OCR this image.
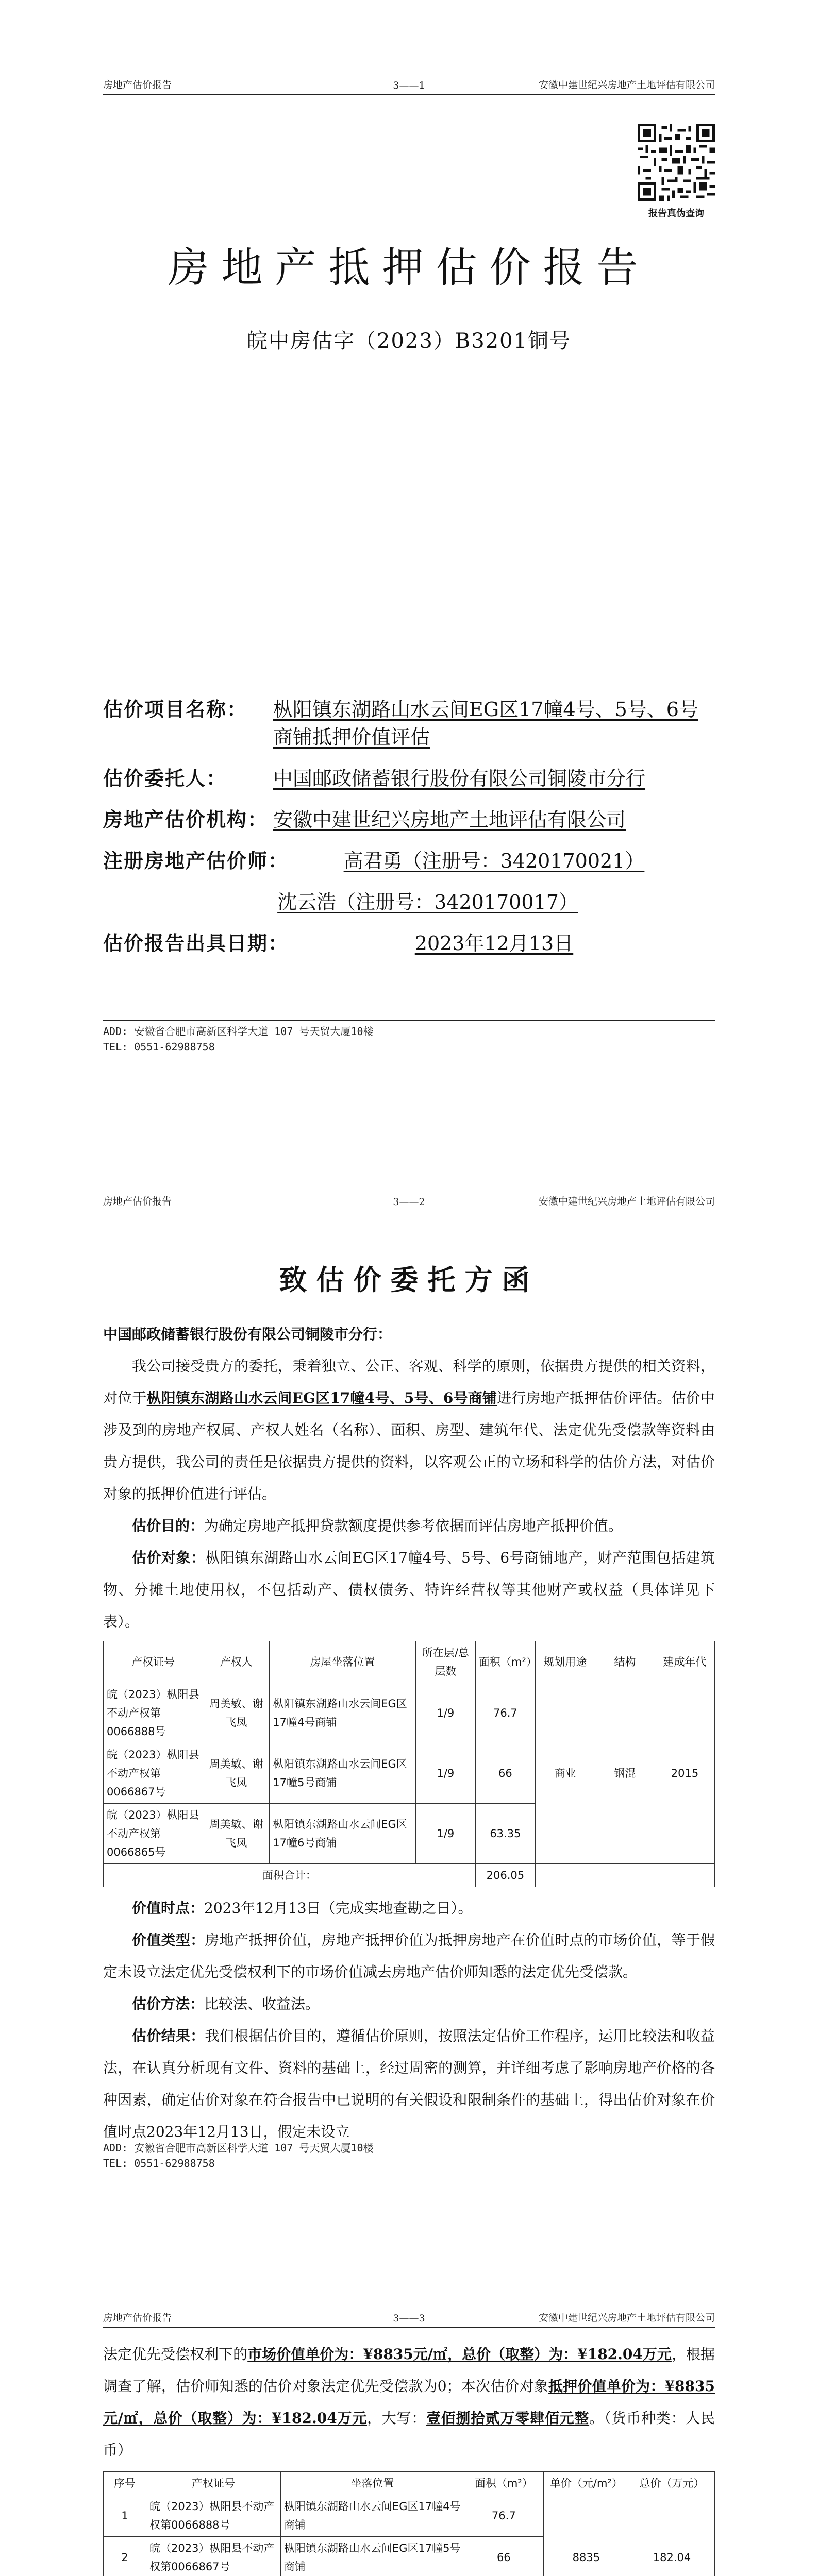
房地产估价报告	3——1	安徽中建世纪兴房地产土地评估有限公司
报告真伪查询
房地产抵押估价报告
皖中房估字（2023）B3201铜号
估价项目名称：	枞阳镇东湖路山水云间EG区17幢4号、5号、6号商铺抵押价值评估
估价委托人：	中国邮政储蓄银行股份有限公司铜陵市分行
房地产估价机构： 安徽中建世纪兴房地产土地评估有限公司
注册房地产估价师：	高君勇（注册号：3420170021）
沈云浩（注册号：3420170017）
估价报告出具日期：	2023年12月13日
ADD: 安徽省合肥市高新区科学大道 107 号天贸大厦10楼
TEL: 0551-62988758
房地产估价报告	3——2	安徽中建世纪兴房地产土地评估有限公司
致估价委托方函
中国邮政储蓄银行股份有限公司铜陵市分行：
我公司接受贵方的委托，秉着独立、公正、客观、科学的原则，依据贵方提供的相关资料，对位于枞阳镇东湖路山水云间EG区17幢4号、5号、6号商铺进行房地产抵押估价评估。估价中涉及到的房地产权属、产权人姓名（名称）、面积、房型、建筑年代、法定优先受偿款等资料由贵方提供，我公司的责任是依据贵方提供的资料，以客观公正的立场和科学的估价方法，对估价对象的抵押价值进行评估。
估价目的：为确定房地产抵押贷款额度提供参考依据而评估房地产抵押价值。
估价对象：枞阳镇东湖路山水云间EG区17幢4号、5号、6号商铺地产，财产范围包括建筑物、分摊土地使用权，不包括动产、债权债务、特许经营权等其他财产或权益（具体详见下表）。
产权证号	产权人	房屋坐落位置	所在层/总层数	面积（m²）	规划用途	结构	建成年代
皖（2023）枞阳县不动产权第0066888号	周美敏、谢飞凤	枞阳镇东湖路山水云间EG区17幢4号商铺	1/9	76.7	商业	钢混	2015
皖（2023）枞阳县不动产权第0066867号	周美敏、谢飞凤	枞阳镇东湖路山水云间EG区17幢5号商铺	1/9	66			
皖（2023）枞阳县不动产权第0066865号	周美敏、谢飞凤	枞阳镇东湖路山水云间EG区17幢6号商铺	1/9	63.35			
面积合计：				206.05			
价值时点：2023年12月13日（完成实地查勘之日）。
价值类型：房地产抵押价值，房地产抵押价值为抵押房地产在价值时点的市场价值，等于假定未设立法定优先受偿权利下的市场价值减去房地产估价师知悉的法定优先受偿款。
估价方法：比较法、收益法。
估价结果：我们根据估价目的，遵循估价原则，按照法定估价工作程序，运用比较法和收益法，在认真分析现有文件、资料的基础上，经过周密的测算，并详细考虑了影响房地产价格的各种因素，确定估价对象在符合报告中已说明的有关假设和限制条件的基础上，得出估价对象在价值时点2023年12月13日，假定未设立
ADD: 安徽省合肥市高新区科学大道 107 号天贸大厦10楼
TEL: 0551-62988758
房地产估价报告	3——3	安徽中建世纪兴房地产土地评估有限公司
法定优先受偿权利下的市场价值单价为：¥8835元/㎡，总价（取整）为：¥182.04万元，根据调查了解，估价师知悉的估价对象法定优先受偿款为0；本次估价对象抵押价值单价为：¥8835元/㎡，总价（取整）为：¥182.04万元，大写：壹佰捌拾贰万零肆佰元整。（货币种类：人民币）
序号	产权证号	坐落位置	面积（m²）	单价（元/m²）	总价（万元）
1	皖（2023）枞阳县不动产权第0066888号	枞阳镇东湖路山水云间EG区17幢4号商铺	76.7	8835	182.04
2	皖（2023）枞阳县不动产权第0066867号	枞阳镇东湖路山水云间EG区17幢5号商铺	66		
